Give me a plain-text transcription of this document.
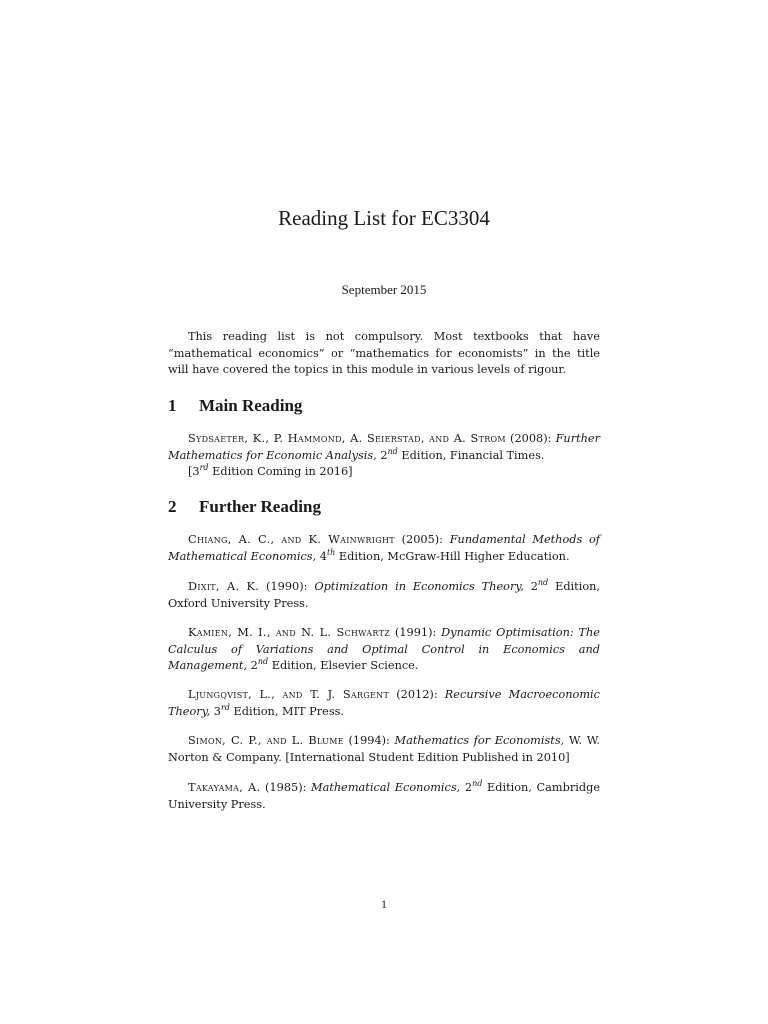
Reading List for EC3304
September 2015
This reading list is not compulsory. Most textbooks that have “mathematical economics” or “mathematics for economists” in the title will have covered the topics in this module in various levels of rigour.
1 Main Reading

Sydsaeter, K., P. Hammond, A. Seierstad, and A. Strom (2008): Further Mathematics for Economic Analysis, 2nd Edition, Financial Times.

[3rd Edition Coming in 2016]

2 Further Reading

Chiang, A. C., and K. Wainwright (2005): Fundamental Methods of Mathematical Economics, 4th Edition, McGraw-Hill Higher Education.

Dixit, A. K. (1990): Optimization in Economics Theory, 2nd Edition, Oxford University Press.

Kamien, M. I., and N. L. Schwartz (1991): Dynamic Optimisation: The Calculus of Variations and Optimal Control in Economics and Management, 2nd Edition, Elsevier Science.

Ljungqvist, L., and T. J. Sargent (2012): Recursive Macroeconomic Theory, 3rd Edition, MIT Press.

Simon, C. P., and L. Blume (1994): Mathematics for Economists, W. W. Norton & Company. [International Student Edition Published in 2010]

Takayama, A. (1985): Mathematical Economics, 2nd Edition, Cambridge University Press.

1
